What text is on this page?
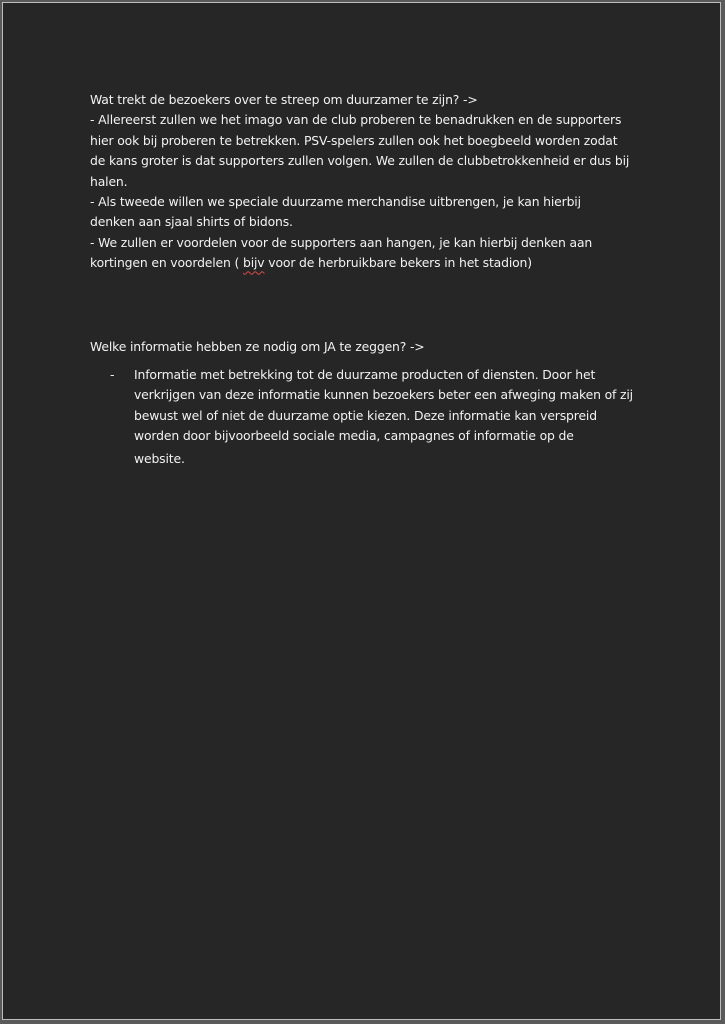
Wat trekt de bezoekers over te streep om duurzamer te zijn? ->
- Allereerst zullen we het imago van de club proberen te benadrukken en de supporters
hier ook bij proberen te betrekken. PSV-spelers zullen ook het boegbeeld worden zodat
de kans groter is dat supporters zullen volgen. We zullen de clubbetrokkenheid er dus bij
halen.
- Als tweede willen we speciale duurzame merchandise uitbrengen, je kan hierbij
denken aan sjaal shirts of bidons.
- We zullen er voordelen voor de supporters aan hangen, je kan hierbij denken aan
kortingen en voordelen ( bijv voor de herbruikbare bekers in het stadion)
Welke informatie hebben ze nodig om JA te zeggen? ->
- Informatie met betrekking tot de duurzame producten of diensten. Door het
verkrijgen van deze informatie kunnen bezoekers beter een afweging maken of zij
bewust wel of niet de duurzame optie kiezen. Deze informatie kan verspreid
worden door bijvoorbeeld sociale media, campagnes of informatie op de
website.
